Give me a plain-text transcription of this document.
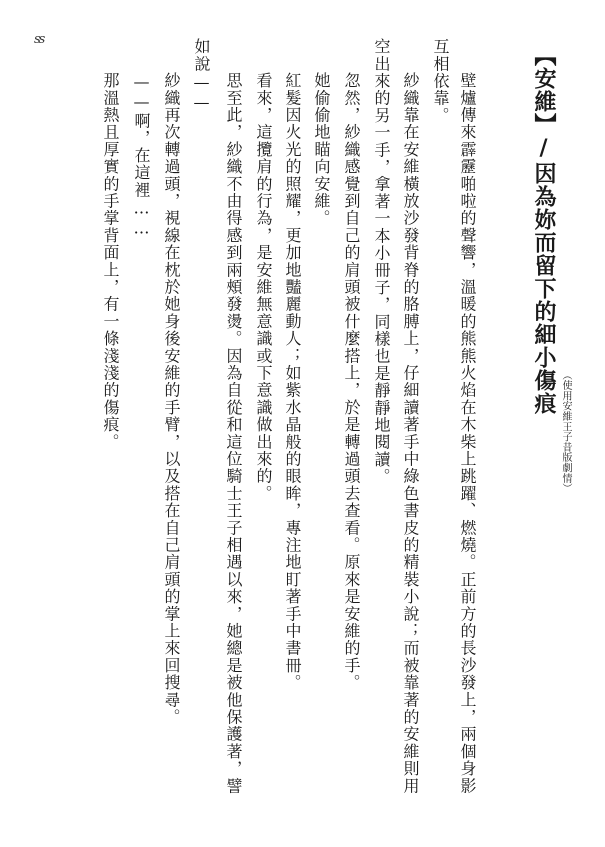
ss
【安維】/因為妳而留下的細小傷痕
（使用安維王子昔版劇情）
壁爐傳來霹靂啪啦的聲響，溫暖的熊熊火焰在木柴上跳躍、燃燒。正前方的長沙發上，兩個身影
互相依靠。
紗織靠在安維橫放沙發背脊的胳膊上，仔細讀著手中綠色書皮的精裝小說；而被靠著的安維則用
空出來的另一手，拿著一本小冊子，同樣也是靜靜地閱讀。
忽然，紗織感覺到自己的肩頭被什麼搭上，於是轉過頭去查看。原來是安維的手。
她偷偷地瞄向安維。
紅髮因火光的照耀，更加地豔麗動人；如紫水晶般的眼眸，專注地盯著手中書冊。
看來，這攬肩的行為，是安維無意識或下意識做出來的。
思至此，紗織不由得感到兩頰發燙。因為自從和這位騎士王子相遇以來，她總是被他保護著，譬
如說——
紗織再次轉過頭，視線在枕於她身後安維的手臂，以及搭在自己肩頭的掌上來回搜尋。
——啊，在這裡……
那溫熱且厚實的手掌背面上，有一條淺淺的傷痕。
